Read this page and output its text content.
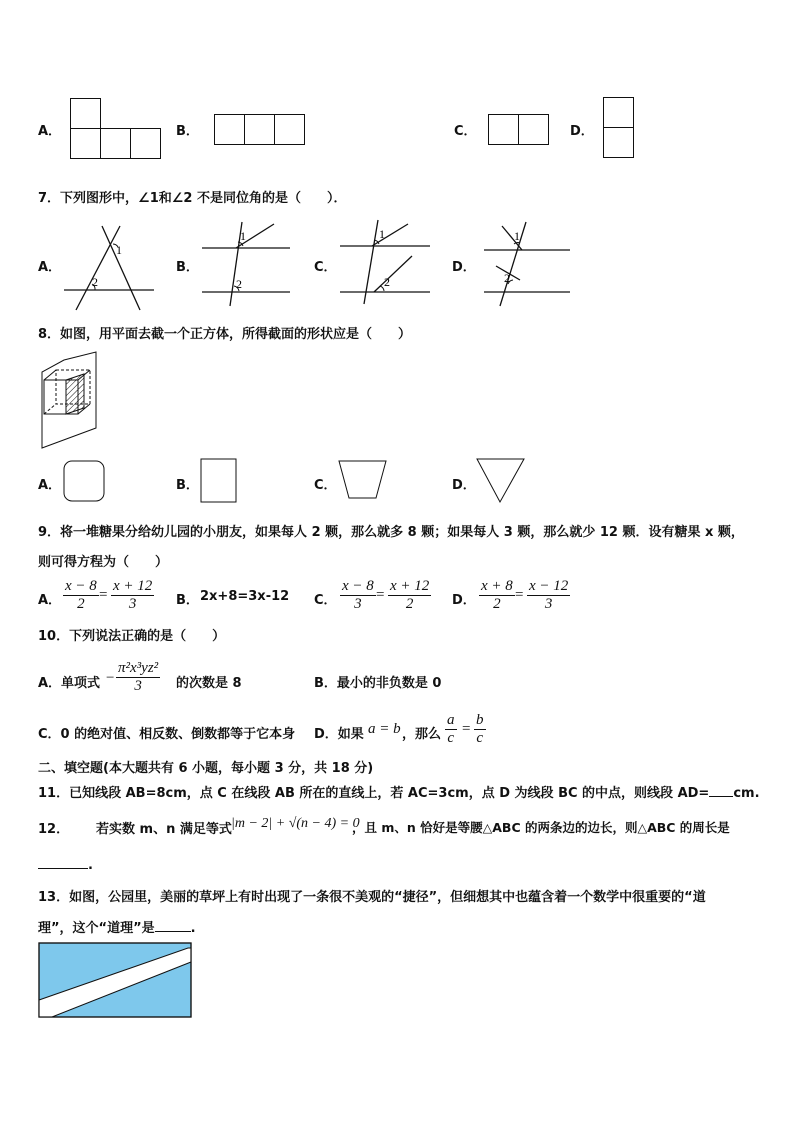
A．	B．	C．	D．
7．下列图形中，∠1和∠2 不是同位角的是（　　）．
A．
1
2
B．
1
2
C．
1
2
D．
1
2
8．如图，用平面去截一个正方体，所得截面的形状应是（　　）
A．	B．	C．	D．
9．将一堆糖果分给幼儿园的小朋友，如果每人 2 颗，那么就多 8 颗；如果每人 3 颗，那么就少 12 颗．设有糖果 x 颗，
则可得方程为（　　）
A． $\frac{x - 8}{2} = \frac{x + 12}{3}$ B． 2x+8=3x-12 C． $\frac{x - 8}{3} = \frac{x + 12}{2}$ D． $\frac{x + 8}{2} = \frac{x - 12}{3}$
10．下列说法正确的是（　　）
A．单项式 − $\frac{\text{π²x³yz²}}{3}$ 的次数是 8	B．最小的非负数是 0
C．0 的绝对值、相反数、倒数都等于它本身 D．如果 a = b ，那么 $\frac{a}{c} = \frac{b}{c}$
二、填空题(本大题共有 6 小题，每小题 3 分，共 18 分)
11．已知线段 AB=8cm，点 C 在线段 AB 所在的直线上，若 AC=3cm，点 D 为线段 BC 的中点，则线段 AD= cm.
12． 若实数 m、n 满足等式 |m − 2| + √(n − 4) = 0
，且 m、n 恰好是等腰△ABC 的两条边的边长，则△ABC 的周长是
.
13．如图，公园里，美丽的草坪上有时出现了一条很不美观的“捷径”，但细想其中也蕴含着一个数学中很重要的“道
理”，这个“道理”是	.
